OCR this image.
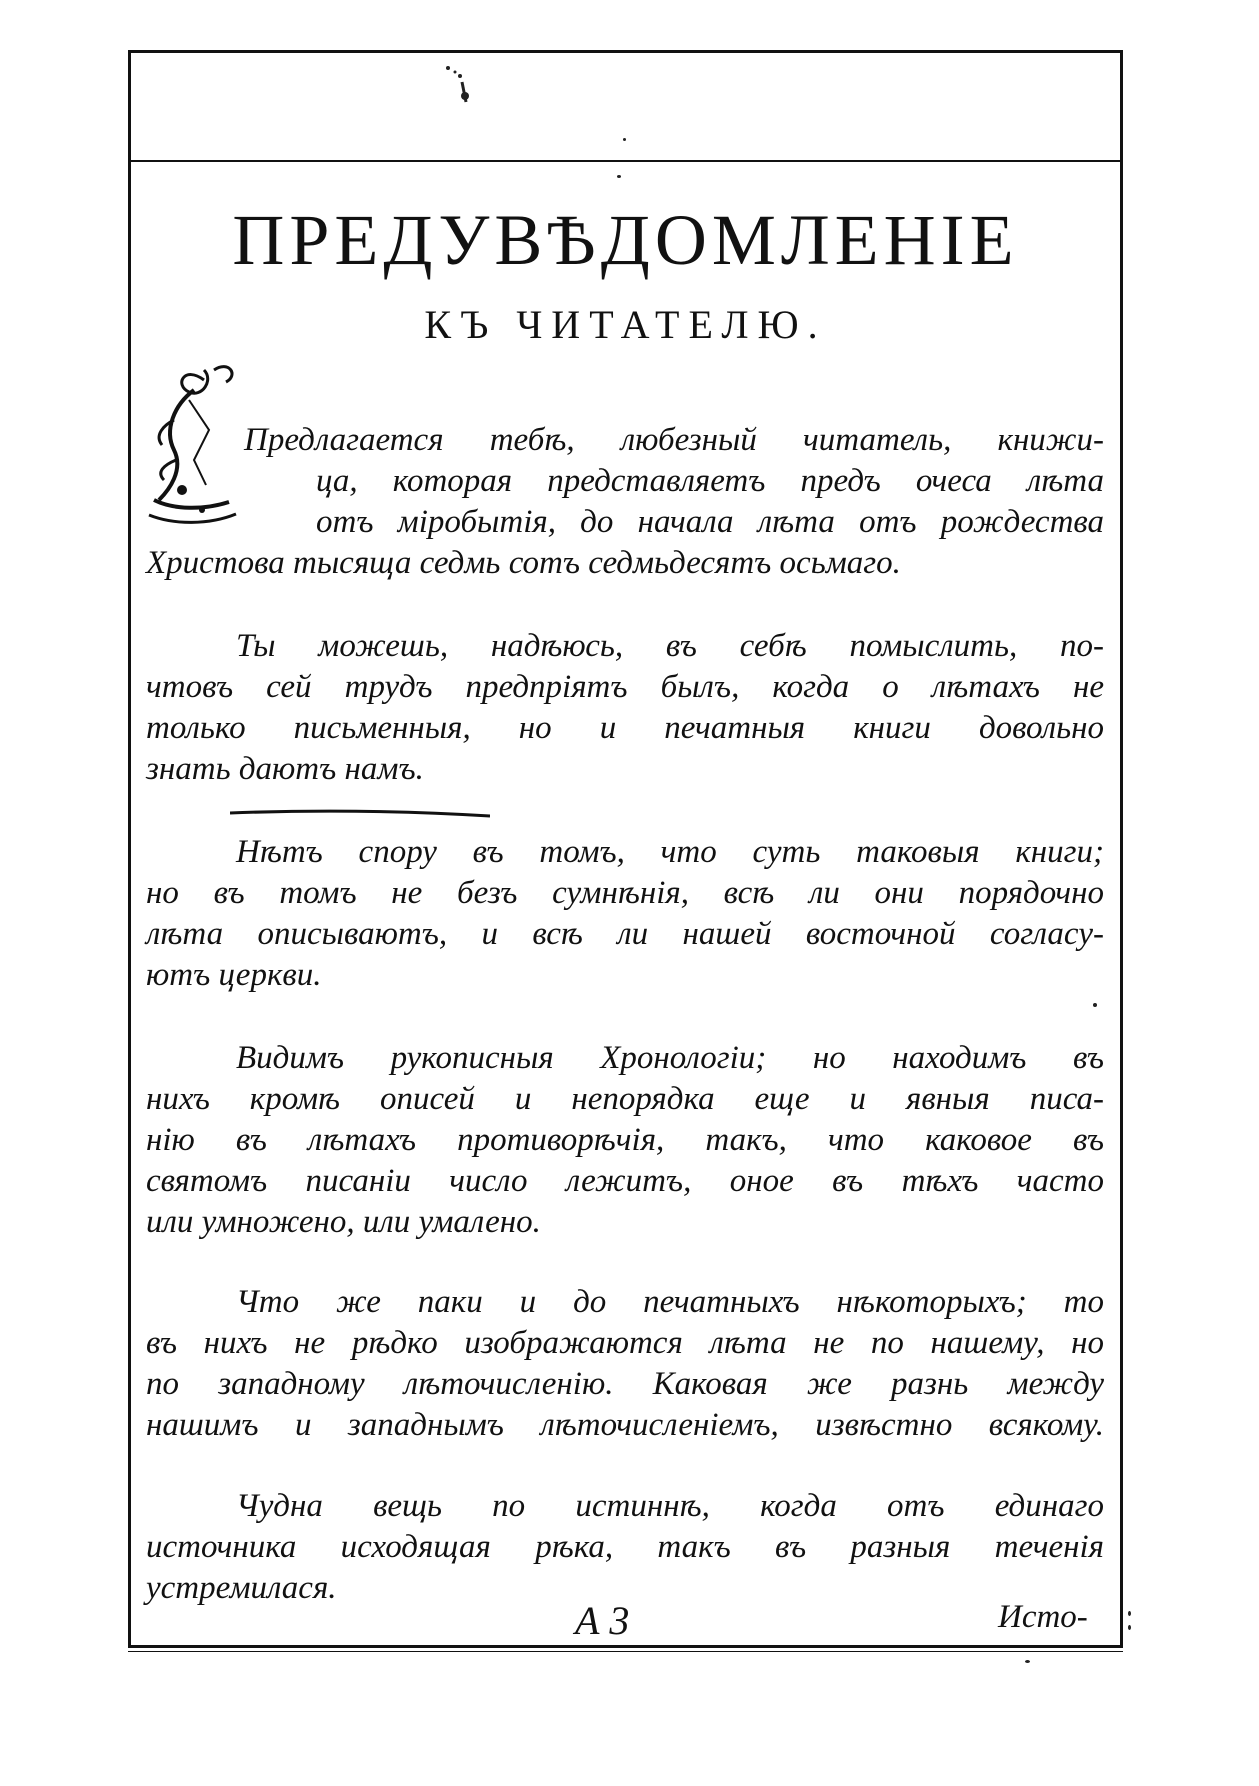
ПРЕДУВѢДОМЛЕНІЕ
КЪ ЧИТАТЕЛЮ.
Предлагается тебѣ, любезный читатель, книжи-
ца, которая представляетъ предъ очеса лѣта
отъ міробытія, до начала лѣта отъ рождества
Христова тысяща седмь сотъ седмьдесятъ осьмаго.
Ты можешь, надѣюсь, въ себѣ помыслить, по-
чтовъ сей трудъ предпріятъ былъ, когда о лѣтахъ не
только письменныя, но и печатныя книги довольно
знать даютъ намъ.
Нѣтъ спору въ томъ, что суть таковыя книги;
но въ томъ не безъ сумнѣнія, всѣ ли они порядочно
лѣта описываютъ, и всѣ ли нашей восточной согласу-
ютъ церкви.
Видимъ рукописныя Хронологіи; но находимъ въ
нихъ кромѣ описей и непорядка еще и явныя писа-
нію въ лѣтахъ противорѣчія, такъ, что каковое въ
святомъ писаніи число лежитъ, оное въ тѣхъ часто
или умножено, или умалено.
Что же паки и до печатныхъ нѣкоторыхъ; то
въ нихъ не рѣдко изображаются лѣта не по нашему, но
по западному лѣточисленію. Каковая же разнь между
нашимъ и западнымъ лѣточисленіемъ, извѣстно всякому.
Чудна вещь по истиннѣ, когда отъ единаго
источника исходящая рѣка, такъ въ разныя теченія
устремилася.
А 3	Исто-
